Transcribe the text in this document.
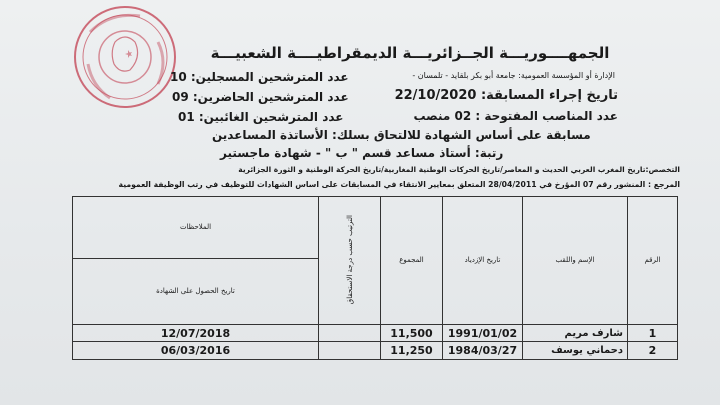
الجمهــــوريـــة الجــزائريـــة الديمقراطيــــة الشعبيـــة
الإدارة أو المؤسسة العمومية: جامعة أبو بكر بلقايد - تلمسان -
عدد المترشحين المسجلين: 10
تاريخ إجراء المسابقة: 22/10/2020
عدد المترشحين الحاضرين: 09
عدد المناصب المفتوحة : 02 منصب
عدد المترشحين الغائبين: 01
مسابقة على أساس الشهادة للالتحاق بسلك: الأساتذة المساعدين
رتبة: أستاذ مساعد قسم " ب " - شهادة ماجستير
التخصص:تاريخ المغرب العربي الحديث و المعاصر/تاريخ الحركات الوطنية المغاربية/تاريخ الحركة الوطنية و الثورة الجزائرية
المرجع : المنشور رقم 07 المؤرخ في 28/04/2011 المتعلق بمعايير الانتقاء في المسابقات على اساس الشهادات للتوظيف في رتب الوظيفة العمومية
الرقم	الإسم واللقب	تاريخ الإزدياد	المجموع	الترتيب حسب درجة الاستحقاق	الملاحظات
					تاريخ الحصول على الشهادة
1	شارف مريم	1991/01/02	11,500		12/07/2018
2	دحماني يوسف	1984/03/27	11,250		06/03/2016
